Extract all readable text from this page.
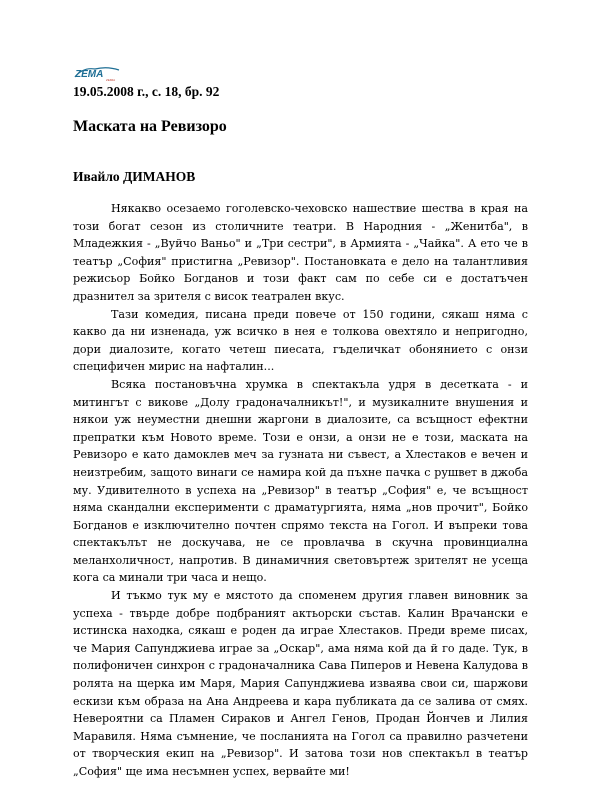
ZEMA ZEMIA
19.05.2008 г., с. 18, бр. 92
Маската на Ревизоро
Ивайло ДИМАНОВ

Някакво осезаемо гоголевско-чеховско нашествие шества в края на този богат сезон из столичните театри. В Народния - „Женитба", в Младежкия - „Вуйчо Ваньо" и „Три сестри", в Армията - „Чайка". А ето че в театър „София" пристигна „Ревизор". Постановката е дело на талантливия режисьор Бойко Богданов и този факт сам по себе си е достатъчен дразнител за зрителя с висок театрален вкус.

Тази комедия, писана преди повече от 150 години, сякаш няма с какво да ни изненада, уж всичко в нея е толкова овехтяло и непригодно, дори диалозите, когато четеш пиесата, гъделичкат обонянието с онзи специфичен мирис на нафталин...

Всяка постановъчна хрумка в спектакъла удря в десетката - и митингът с викове „Долу градоначалникът!", и музикалните внушения и някои уж неуместни днешни жаргони в диалозите, са всъщност ефектни препратки към Новото време. Този е онзи, а онзи не е този, маската на Ревизоро е като дамоклев меч за гузната ни съвест, а Хлестаков е вечен и неизтребим, защото винаги се намира кой да пъхне пачка с рушвет в джоба му. Удивителното в успеха на „Ревизор" в театър „София" е, че всъщност няма скандални експерименти с драматургията, няма „нов прочит", Бойко Богданов е изключително почтен спрямо текста на Гогол. И въпреки това спектакълът не доскучава, не се провлачва в скучна провинциална меланхоличност, напротив. В динамичния световъртеж зрителят не усеща кога са минали три часа и нещо.

И тъкмо тук му е мястото да споменем другия главен виновник за успеха - твърде добре подбраният актьорски състав. Калин Врачански е истинска находка, сякаш е роден да играе Хлестаков. Преди време писах, че Мария Сапунджиева играе за „Оскар", ама няма кой да й го даде. Тук, в полифоничен синхрон с градоначалника Сава Пиперов и Невена Калудова в ролята на щерка им Маря, Мария Сапунджиева изваява свои си, шаржови ескизи към образа на Ана Андреева и кара публиката да се залива от смях. Невероятни са Пламен Сираков и Ангел Генов, Продан Йончев и Лилия Маравиля. Няма съмнение, че посланията на Гогол са правилно разчетени от творческия екип на „Ревизор". И затова този нов спектакъл в театър „София" ще има несъмнен успех, вервайте ми!
